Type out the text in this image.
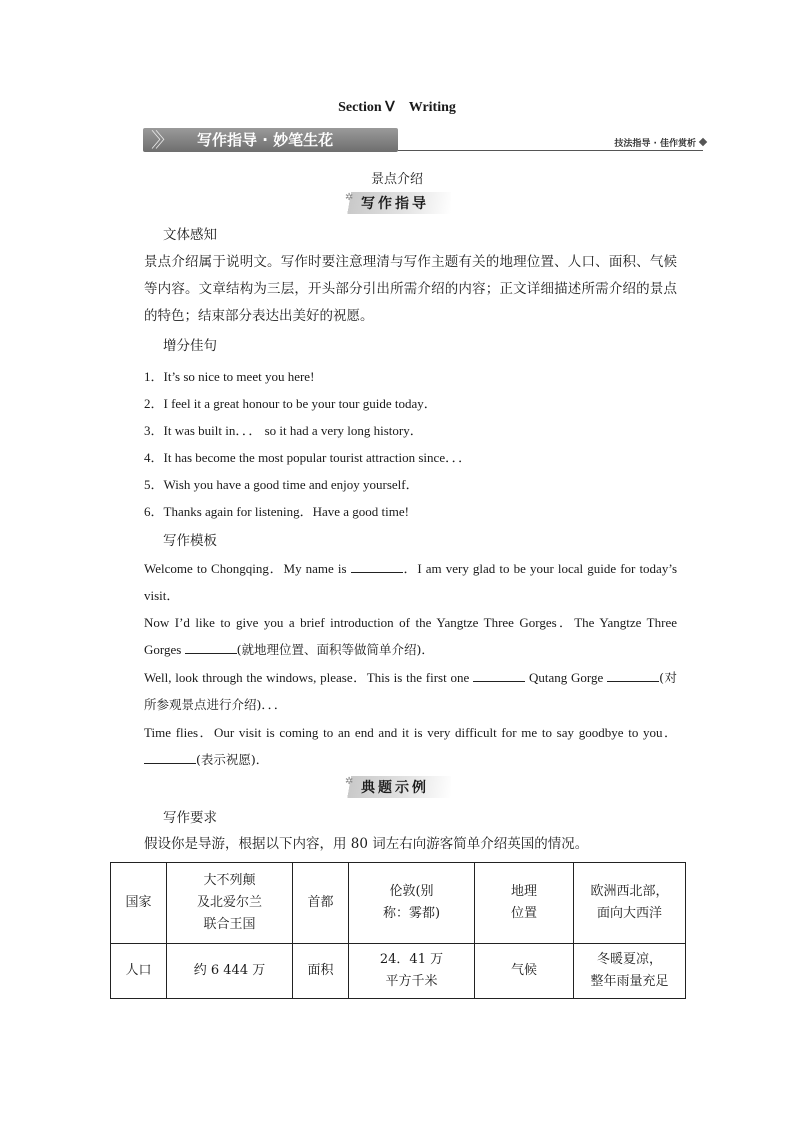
Section Ⅴ　Writing
〉〉 写作指导 · 妙笔生花	技法指导 · 佳作赏析
景点介绍
✲ 写作指导
文体感知
景点介绍属于说明文。写作时要注意理清与写作主题有关的地理位置、人口、面积、气候等内容。文章结构为三层，开头部分引出所需介绍的内容；正文详细描述所需介绍的景点的特色；结束部分表达出美好的祝愿。
增分佳句
1．It’s so nice to meet you here!
2．I feel it a great honour to be your tour guide today．
3．It was built in．．． so it had a very long history．
4．It has become the most popular tourist attraction since．．．
5．Wish you have a good time and enjoy yourself．
6．Thanks again for listening．Have a good time!
写作模板
Welcome to Chongqing．My name is	．I am very glad to be your local guide for today’s visit．
Now I’d like to give you a brief introduction of the Yangtze Three Gorges．The Yangtze Three Gorges	(就地理位置、面积等做简单介绍)．
Well, look through the windows, please．This is the first one	Qutang Gorge	(对所参观景点进行介绍)．．．
Time flies．Our visit is coming to an end and it is very difficult for me to say goodbye to you．(表示祝愿)．
✲ 典题示例
写作要求
假设你是导游，根据以下内容，用 80 词左右向游客简单介绍英国的情况。
国家	大不列颠
及北爱尔兰
联合王国	首都	伦敦(别
称：雾都)	地理
位置	欧洲西北部，
面向大西洋
人口	约 6 444 万	面积	24．41 万
平方千米	气候	冬暖夏凉，
整年雨量充足
